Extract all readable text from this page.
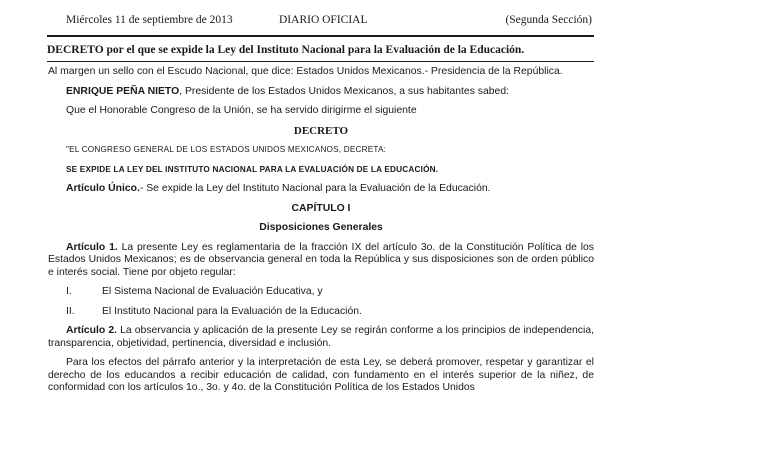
Miércoles 11 de septiembre de 2013	DIARIO OFICIAL	(Segunda Sección)
DECRETO por el que se expide la Ley del Instituto Nacional para la Evaluación de la Educación.

Al margen un sello con el Escudo Nacional, que dice: Estados Unidos Mexicanos.- Presidencia de la República.

ENRIQUE PEÑA NIETO, Presidente de los Estados Unidos Mexicanos, a sus habitantes sabed:

Que el Honorable Congreso de la Unión, se ha servido dirigirme el siguiente

DECRETO

"EL CONGRESO GENERAL DE LOS ESTADOS UNIDOS MEXICANOS, DECRETA:

SE EXPIDE LA LEY DEL INSTITUTO NACIONAL PARA LA EVALUACIÓN DE LA EDUCACIÓN.

Artículo Único.- Se expide la Ley del Instituto Nacional para la Evaluación de la Educación.

CAPÍTULO I

Disposiciones Generales

Artículo 1. La presente Ley es reglamentaria de la fracción IX del artículo 3o. de la Constitución Política de los Estados Unidos Mexicanos; es de observancia general en toda la República y sus disposiciones son de orden público e interés social. Tiene por objeto regular:

I.	El Sistema Nacional de Evaluación Educativa, y

II.	El Instituto Nacional para la Evaluación de la Educación.

Artículo 2. La observancia y aplicación de la presente Ley se regirán conforme a los principios de independencia, transparencia, objetividad, pertinencia, diversidad e inclusión.

Para los efectos del párrafo anterior y la interpretación de esta Ley, se deberá promover, respetar y garantizar el derecho de los educandos a recibir educación de calidad, con fundamento en el interés superior de la niñez, de conformidad con los artículos 1o., 3o. y 4o. de la Constitución Política de los Estados Unidos
